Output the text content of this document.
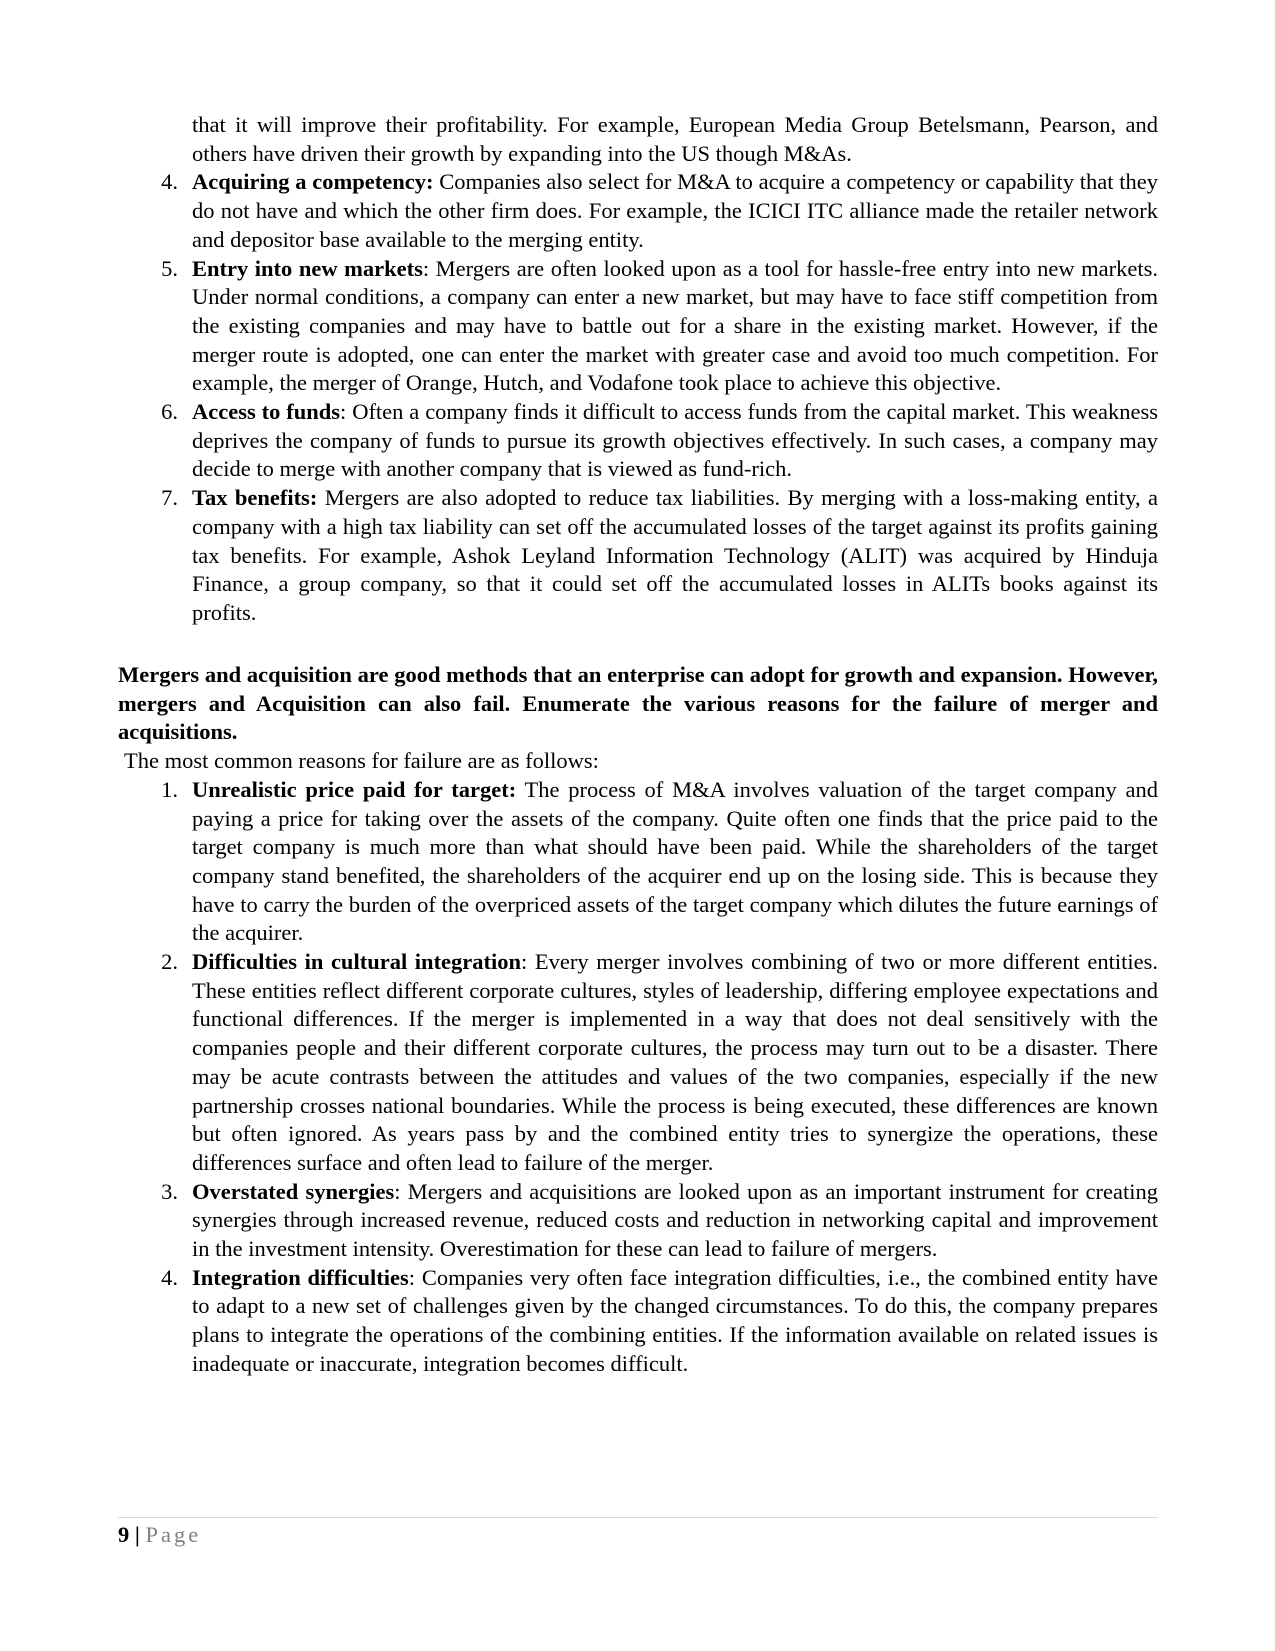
that it will improve their profitability. For example, European Media Group Betelsmann, Pearson, and others have driven their growth by expanding into the US though M&As.
4. Acquiring a competency: Companies also select for M&A to acquire a competency or capability that they do not have and which the other firm does. For example, the ICICI ITC alliance made the retailer network and depositor base available to the merging entity.
5. Entry into new markets: Mergers are often looked upon as a tool for hassle-free entry into new markets. Under normal conditions, a company can enter a new market, but may have to face stiff competition from the existing companies and may have to battle out for a share in the existing market. However, if the merger route is adopted, one can enter the market with greater case and avoid too much competition. For example, the merger of Orange, Hutch, and Vodafone took place to achieve this objective.
6. Access to funds: Often a company finds it difficult to access funds from the capital market. This weakness deprives the company of funds to pursue its growth objectives effectively. In such cases, a company may decide to merge with another company that is viewed as fund-rich.
7. Tax benefits: Mergers are also adopted to reduce tax liabilities. By merging with a loss-making entity, a company with a high tax liability can set off the accumulated losses of the target against its profits gaining tax benefits. For example, Ashok Leyland Information Technology (ALIT) was acquired by Hinduja Finance, a group company, so that it could set off the accumulated losses in ALITs books against its profits.
Mergers and acquisition are good methods that an enterprise can adopt for growth and expansion. However, mergers and Acquisition can also fail. Enumerate the various reasons for the failure of merger and acquisitions.
The most common reasons for failure are as follows:
1. Unrealistic price paid for target: The process of M&A involves valuation of the target company and paying a price for taking over the assets of the company. Quite often one finds that the price paid to the target company is much more than what should have been paid. While the shareholders of the target company stand benefited, the shareholders of the acquirer end up on the losing side. This is because they have to carry the burden of the overpriced assets of the target company which dilutes the future earnings of the acquirer.
2. Difficulties in cultural integration: Every merger involves combining of two or more different entities. These entities reflect different corporate cultures, styles of leadership, differing employee expectations and functional differences. If the merger is implemented in a way that does not deal sensitively with the companies people and their different corporate cultures, the process may turn out to be a disaster. There may be acute contrasts between the attitudes and values of the two companies, especially if the new partnership crosses national boundaries. While the process is being executed, these differences are known but often ignored. As years pass by and the combined entity tries to synergize the operations, these differences surface and often lead to failure of the merger.
3. Overstated synergies: Mergers and acquisitions are looked upon as an important instrument for creating synergies through increased revenue, reduced costs and reduction in networking capital and improvement in the investment intensity. Overestimation for these can lead to failure of mergers.
4. Integration difficulties: Companies very often face integration difficulties, i.e., the combined entity have to adapt to a new set of challenges given by the changed circumstances. To do this, the company prepares plans to integrate the operations of the combining entities. If the information available on related issues is inadequate or inaccurate, integration becomes difficult.
9 | Page
